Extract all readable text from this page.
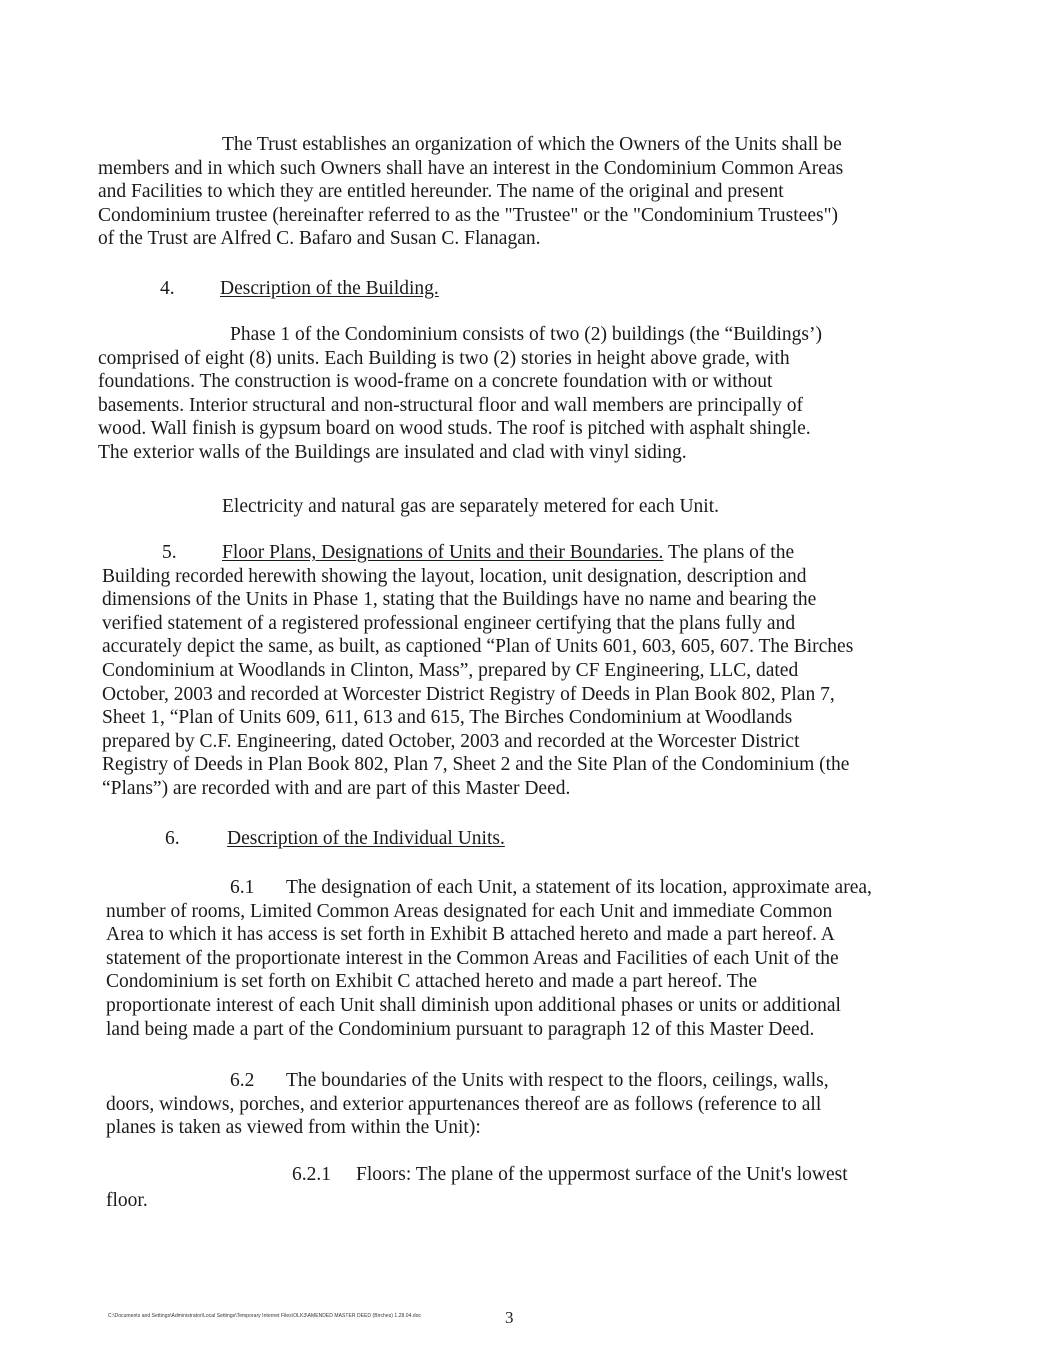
The Trust establishes an organization of which the Owners of the Units shall be
members and in which such Owners shall have an interest in the Condominium Common Areas
and Facilities to which they are entitled hereunder. The name of the original and present
Condominium trustee (hereinafter referred to as the "Trustee" or the "Condominium Trustees")
of the Trust are Alfred C. Bafaro and Susan C. Flanagan.
4. Description of the Building.
Phase 1 of the Condominium consists of two (2) buildings (the “Buildings’)
comprised of eight (8) units. Each Building is two (2) stories in height above grade, with
foundations. The construction is wood-frame on a concrete foundation with or without
basements. Interior structural and non-structural floor and wall members are principally of
wood. Wall finish is gypsum board on wood studs. The roof is pitched with asphalt shingle.
The exterior walls of the Buildings are insulated and clad with vinyl siding.
Electricity and natural gas are separately metered for each Unit.
5. Floor Plans, Designations of Units and their Boundaries. The plans of the
Building recorded herewith showing the layout, location, unit designation, description and
dimensions of the Units in Phase 1, stating that the Buildings have no name and bearing the
verified statement of a registered professional engineer certifying that the plans fully and
accurately depict the same, as built, as captioned “Plan of Units 601, 603, 605, 607. The Birches
Condominium at Woodlands in Clinton, Mass”, prepared by CF Engineering, LLC, dated
October, 2003 and recorded at Worcester District Registry of Deeds in Plan Book 802, Plan 7,
Sheet 1, “Plan of Units 609, 611, 613 and 615, The Birches Condominium at Woodlands
prepared by C.F. Engineering, dated October, 2003 and recorded at the Worcester District
Registry of Deeds in Plan Book 802, Plan 7, Sheet 2 and the Site Plan of the Condominium (the
“Plans”) are recorded with and are part of this Master Deed.
6. Description of the Individual Units.
6.1 The designation of each Unit, a statement of its location, approximate area,
number of rooms, Limited Common Areas designated for each Unit and immediate Common
Area to which it has access is set forth in Exhibit B attached hereto and made a part hereof. A
statement of the proportionate interest in the Common Areas and Facilities of each Unit of the
Condominium is set forth on Exhibit C attached hereto and made a part hereof. The
proportionate interest of each Unit shall diminish upon additional phases or units or additional
land being made a part of the Condominium pursuant to paragraph 12 of this Master Deed.
6.2 The boundaries of the Units with respect to the floors, ceilings, walls,
doors, windows, porches, and exterior appurtenances thereof are as follows (reference to all
planes is taken as viewed from within the Unit):
6.2.1 Floors: The plane of the uppermost surface of the Unit's lowest
floor.
C:\Documents and Settings\Administrator\Local Settings\Temporary Internet Files\OLK3\AMENDED MASTER DEED (Birches) 1.28.04.doc	3
